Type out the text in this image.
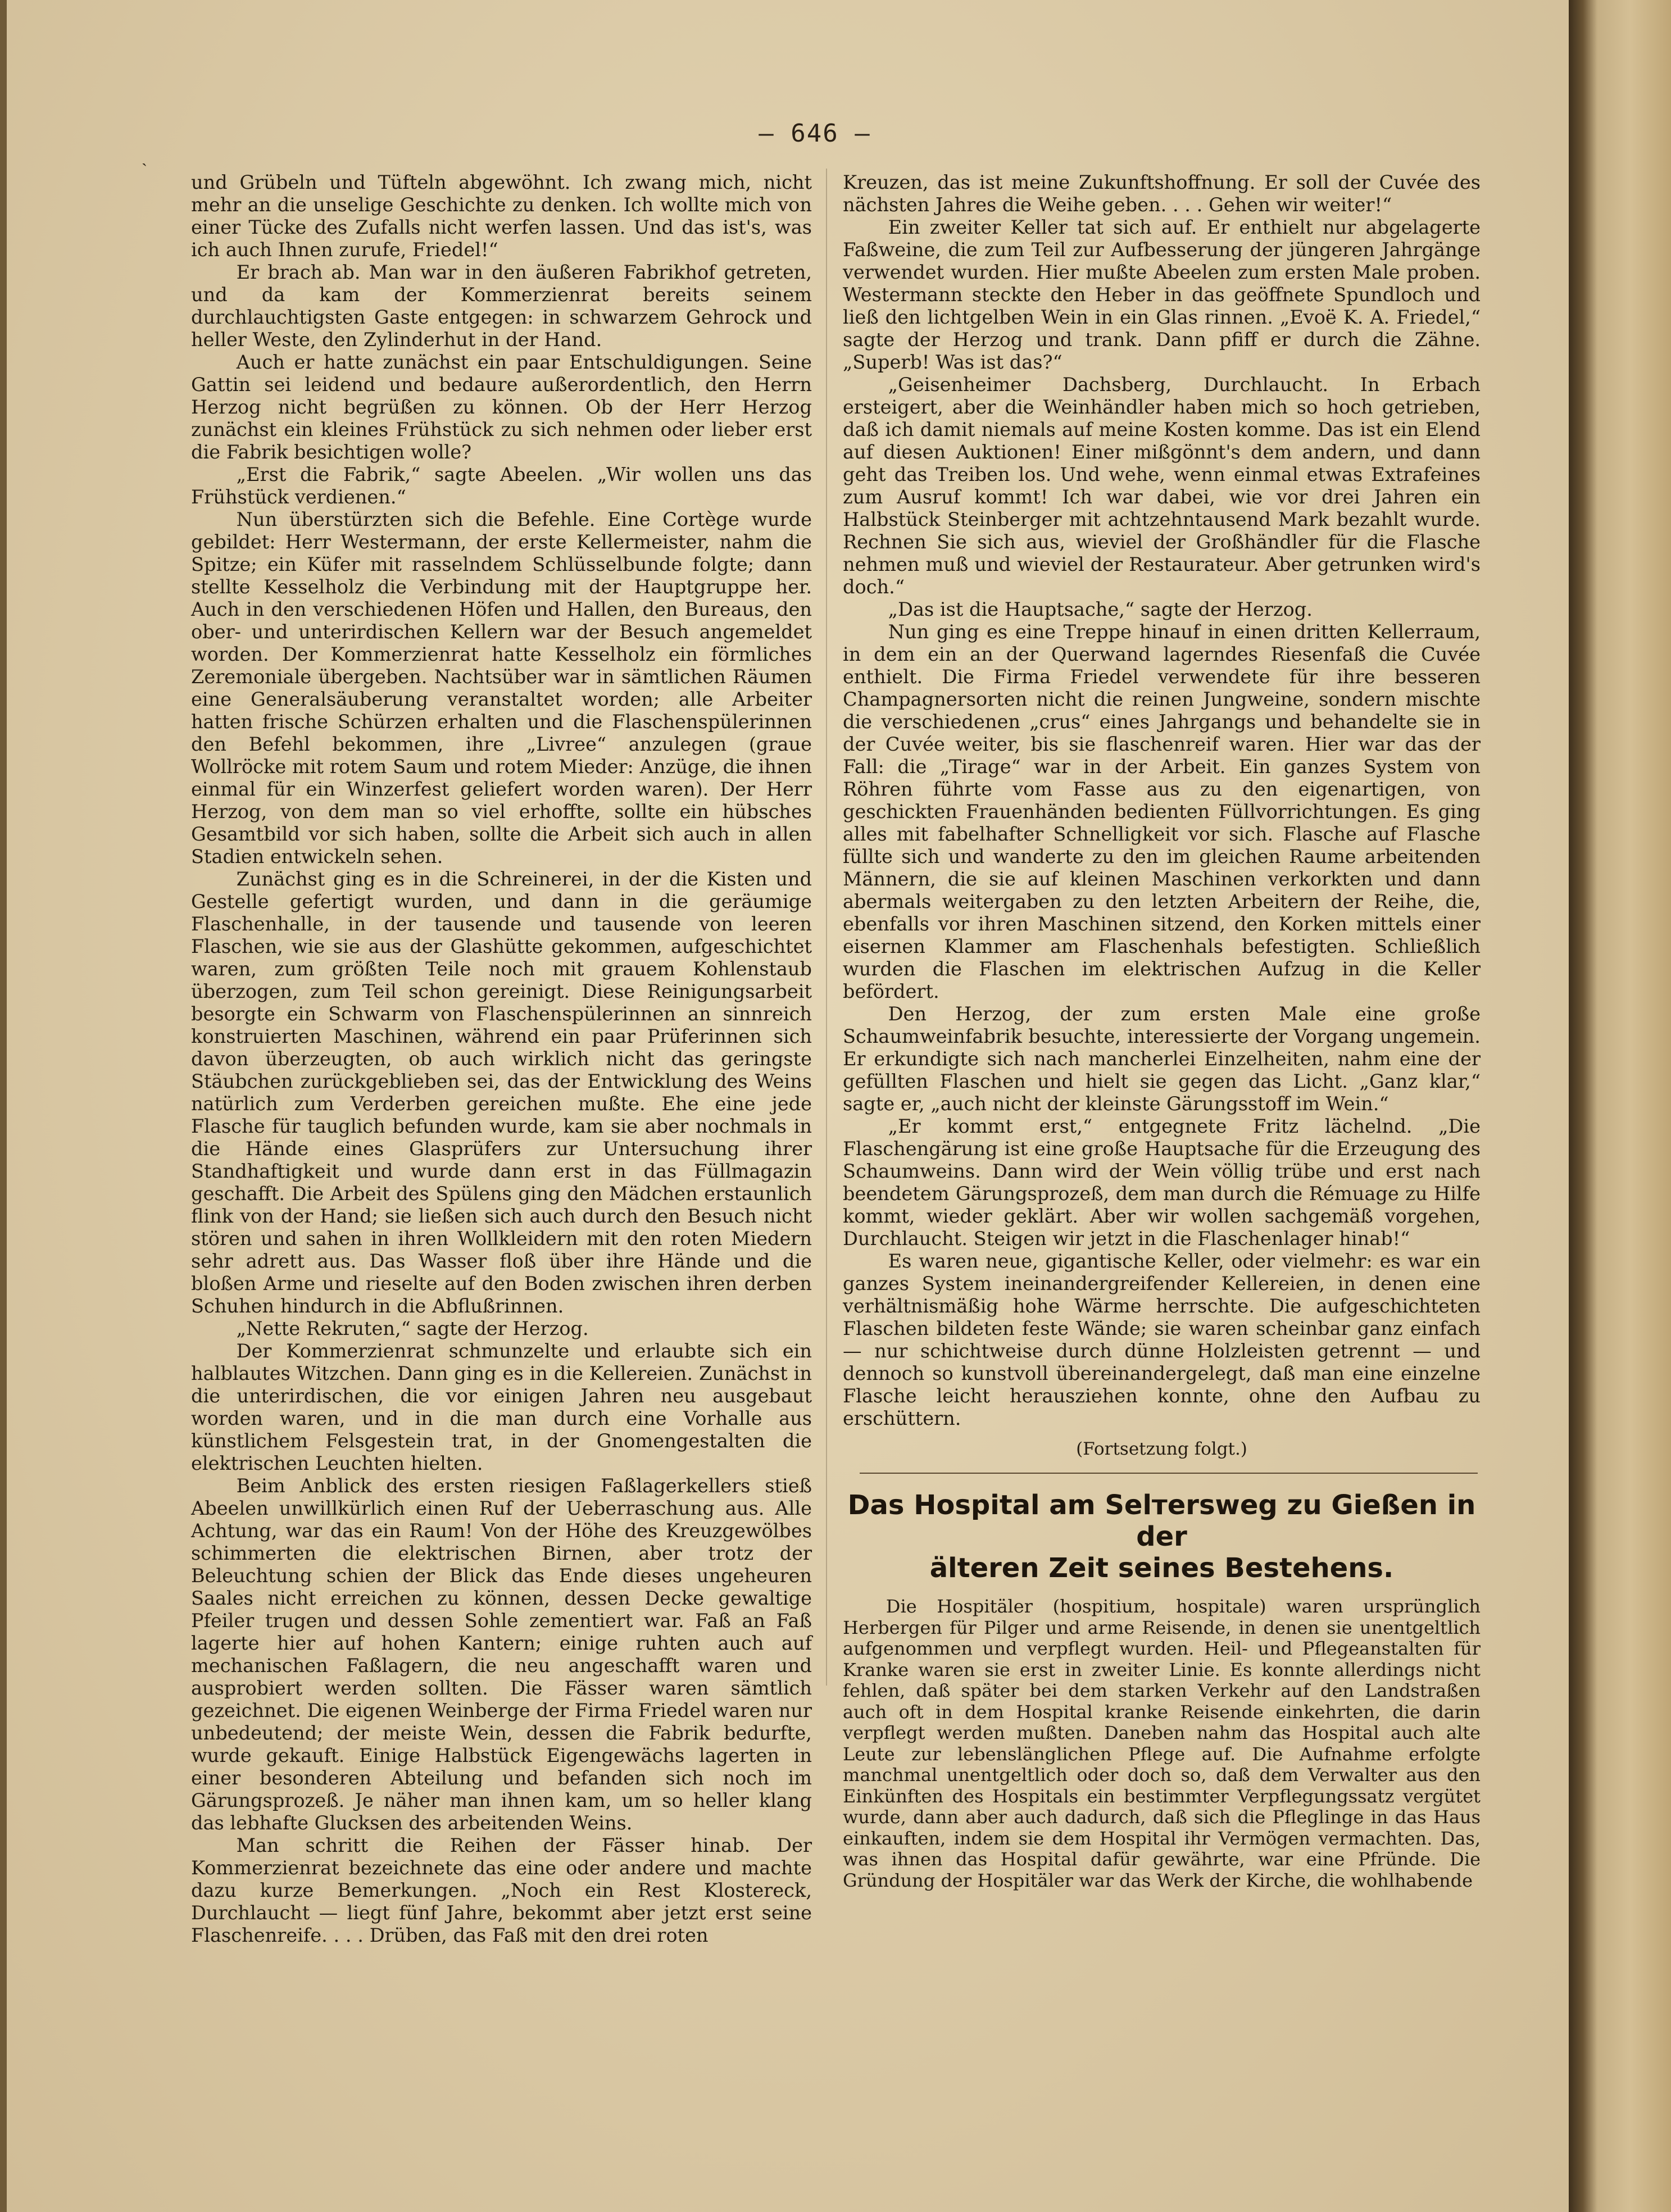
ˎ
— 646 —

und Grübeln und Tüfteln abgewöhnt. Ich zwang mich, nicht mehr an die unselige Geschichte zu denken. Ich wollte mich von einer Tücke des Zufalls nicht werfen lassen. Und das ist's, was ich auch Ihnen zurufe, Friedel!“

Er brach ab. Man war in den äußeren Fabrikhof getreten, und da kam der Kommerzienrat bereits seinem durchlauchtigsten Gaste entgegen: in schwarzem Gehrock und heller Weste, den Zylinderhut in der Hand.

Auch er hatte zunächst ein paar Entschuldigungen. Seine Gattin sei leidend und bedaure außerordentlich, den Herrn Herzog nicht begrüßen zu können. Ob der Herr Herzog zunächst ein kleines Frühstück zu sich nehmen oder lieber erst die Fabrik besichtigen wolle?

„Erst die Fabrik,“ sagte Abeelen. „Wir wollen uns das Frühstück verdienen.“

Nun überstürzten sich die Befehle. Eine Cortège wurde gebildet: Herr Westermann, der erste Kellermeister, nahm die Spitze; ein Küfer mit rasselndem Schlüsselbunde folgte; dann stellte Kesselholz die Verbindung mit der Hauptgruppe her. Auch in den verschiedenen Höfen und Hallen, den Bureaus, den ober- und unterirdischen Kellern war der Besuch angemeldet worden. Der Kommerzienrat hatte Kesselholz ein förmliches Zeremoniale übergeben. Nachtsüber war in sämtlichen Räumen eine Generalsäuberung veranstaltet worden; alle Arbeiter hatten frische Schürzen erhalten und die Flaschenspülerinnen den Befehl bekommen, ihre „Livree“ anzulegen (graue Wollröcke mit rotem Saum und rotem Mieder: Anzüge, die ihnen einmal für ein Winzerfest geliefert worden waren). Der Herr Herzog, von dem man so viel erhoffte, sollte ein hübsches Gesamtbild vor sich haben, sollte die Arbeit sich auch in allen Stadien entwickeln sehen.

Zunächst ging es in die Schreinerei, in der die Kisten und Gestelle gefertigt wurden, und dann in die geräumige Flaschenhalle, in der tausende und tausende von leeren Flaschen, wie sie aus der Glashütte gekommen, aufgeschichtet waren, zum größten Teile noch mit grauem Kohlenstaub überzogen, zum Teil schon gereinigt. Diese Reinigungsarbeit besorgte ein Schwarm von Flaschenspülerinnen an sinnreich konstruierten Maschinen, während ein paar Prüferinnen sich davon überzeugten, ob auch wirklich nicht das geringste Stäubchen zurückgeblieben sei, das der Entwicklung des Weins natürlich zum Verderben gereichen mußte. Ehe eine jede Flasche für tauglich befunden wurde, kam sie aber nochmals in die Hände eines Glasprüfers zur Untersuchung ihrer Standhaftigkeit und wurde dann erst in das Füllmagazin geschafft. Die Arbeit des Spülens ging den Mädchen erstaunlich flink von der Hand; sie ließen sich auch durch den Besuch nicht stören und sahen in ihren Wollkleidern mit den roten Miedern sehr adrett aus. Das Wasser floß über ihre Hände und die bloßen Arme und rieselte auf den Boden zwischen ihren derben Schuhen hindurch in die Abflußrinnen.

„Nette Rekruten,“ sagte der Herzog.

Der Kommerzienrat schmunzelte und erlaubte sich ein halblautes Witzchen. Dann ging es in die Kellereien. Zunächst in die unterirdischen, die vor einigen Jahren neu ausgebaut worden waren, und in die man durch eine Vorhalle aus künstlichem Felsgestein trat, in der Gnomengestalten die elektrischen Leuchten hielten.

Beim Anblick des ersten riesigen Faßlagerkellers stieß Abeelen unwillkürlich einen Ruf der Ueberraschung aus. Alle Achtung, war das ein Raum! Von der Höhe des Kreuzgewölbes schimmerten die elektrischen Birnen, aber trotz der Beleuchtung schien der Blick das Ende dieses ungeheuren Saales nicht erreichen zu können, dessen Decke gewaltige Pfeiler trugen und dessen Sohle zementiert war. Faß an Faß lagerte hier auf hohen Kantern; einige ruhten auch auf mechanischen Faßlagern, die neu angeschafft waren und ausprobiert werden sollten. Die Fässer waren sämtlich gezeichnet. Die eigenen Weinberge der Firma Friedel waren nur unbedeutend; der meiste Wein, dessen die Fabrik bedurfte, wurde gekauft. Einige Halbstück Eigengewächs lagerten in einer besonderen Abteilung und befanden sich noch im Gärungsprozeß. Je näher man ihnen kam, um so heller klang das lebhafte Glucksen des arbeitenden Weins.

Man schritt die Reihen der Fässer hinab. Der Kommerzienrat bezeichnete das eine oder andere und machte dazu kurze Bemerkungen. „Noch ein Rest Klostereck, Durchlaucht — liegt fünf Jahre, bekommt aber jetzt erst seine Flaschenreife. . . . Drüben, das Faß mit den drei roten

Kreuzen, das ist meine Zukunftshoffnung. Er soll der Cuvée des nächsten Jahres die Weihe geben. . . . Gehen wir weiter!“

Ein zweiter Keller tat sich auf. Er enthielt nur abgelagerte Faßweine, die zum Teil zur Aufbesserung der jüngeren Jahrgänge verwendet wurden. Hier mußte Abeelen zum ersten Male proben. Westermann steckte den Heber in das geöffnete Spundloch und ließ den lichtgelben Wein in ein Glas rinnen. „Evoë K. A. Friedel,“ sagte der Herzog und trank. Dann pfiff er durch die Zähne. „Superb! Was ist das?“

„Geisenheimer Dachsberg, Durchlaucht. In Erbach ersteigert, aber die Weinhändler haben mich so hoch getrieben, daß ich damit niemals auf meine Kosten komme. Das ist ein Elend auf diesen Auktionen! Einer mißgönnt's dem andern, und dann geht das Treiben los. Und wehe, wenn einmal etwas Extrafeines zum Ausruf kommt! Ich war dabei, wie vor drei Jahren ein Halbstück Steinberger mit achtzehntausend Mark bezahlt wurde. Rechnen Sie sich aus, wieviel der Großhändler für die Flasche nehmen muß und wieviel der Restaurateur. Aber getrunken wird's doch.“

„Das ist die Hauptsache,“ sagte der Herzog.

Nun ging es eine Treppe hinauf in einen dritten Kellerraum, in dem ein an der Querwand lagerndes Riesenfaß die Cuvée enthielt. Die Firma Friedel verwendete für ihre besseren Champagnersorten nicht die reinen Jungweine, sondern mischte die verschiedenen „crus“ eines Jahrgangs und behandelte sie in der Cuvée weiter, bis sie flaschenreif waren. Hier war das der Fall: die „Tirage“ war in der Arbeit. Ein ganzes System von Röhren führte vom Fasse aus zu den eigenartigen, von geschickten Frauenhänden bedienten Füllvorrichtungen. Es ging alles mit fabelhafter Schnelligkeit vor sich. Flasche auf Flasche füllte sich und wanderte zu den im gleichen Raume arbeitenden Männern, die sie auf kleinen Maschinen verkorkten und dann abermals weitergaben zu den letzten Arbeitern der Reihe, die, ebenfalls vor ihren Maschinen sitzend, den Korken mittels einer eisernen Klammer am Flaschenhals befestigten. Schließlich wurden die Flaschen im elektrischen Aufzug in die Keller befördert.

Den Herzog, der zum ersten Male eine große Schaumweinfabrik besuchte, interessierte der Vorgang ungemein. Er erkundigte sich nach mancherlei Einzelheiten, nahm eine der gefüllten Flaschen und hielt sie gegen das Licht. „Ganz klar,“ sagte er, „auch nicht der kleinste Gärungsstoff im Wein.“

„Er kommt erst,“ entgegnete Fritz lächelnd. „Die Flaschengärung ist eine große Hauptsache für die Erzeugung des Schaumweins. Dann wird der Wein völlig trübe und erst nach beendetem Gärungsprozeß, dem man durch die Rémuage zu Hilfe kommt, wieder geklärt. Aber wir wollen sachgemäß vorgehen, Durchlaucht. Steigen wir jetzt in die Flaschenlager hinab!“

Es waren neue, gigantische Keller, oder vielmehr: es war ein ganzes System ineinandergreifender Kellereien, in denen eine verhältnismäßig hohe Wärme herrschte. Die aufgeschichteten Flaschen bildeten feste Wände; sie waren scheinbar ganz einfach — nur schichtweise durch dünne Holzleisten getrennt — und dennoch so kunstvoll übereinandergelegt, daß man eine einzelne Flasche leicht herausziehen konnte, ohne den Aufbau zu erschüttern.

(Fortsetzung folgt.)

Das Hospital am Selтersweg zu Gießen in der
älteren Zeit seines Bestehens.

Die Hospitäler (hospitium, hospitale) waren ursprünglich Herbergen für Pilger und arme Reisende, in denen sie unentgeltlich aufgenommen und verpflegt wurden. Heil- und Pflegeanstalten für Kranke waren sie erst in zweiter Linie. Es konnte allerdings nicht fehlen, daß später bei dem starken Verkehr auf den Landstraßen auch oft in dem Hospital kranke Reisende einkehrten, die darin verpflegt werden mußten. Daneben nahm das Hospital auch alte Leute zur lebenslänglichen Pflege auf. Die Aufnahme erfolgte manchmal unentgeltlich oder doch so, daß dem Verwalter aus den Einkünften des Hospitals ein bestimmter Verpflegungssatz vergütet wurde, dann aber auch dadurch, daß sich die Pfleglinge in das Haus einkauften, indem sie dem Hospital ihr Vermögen vermachten. Das, was ihnen das Hospital dafür gewährte, war eine Pfründe. Die Gründung der Hospitäler war das Werk der Kirche, die wohlhabende
